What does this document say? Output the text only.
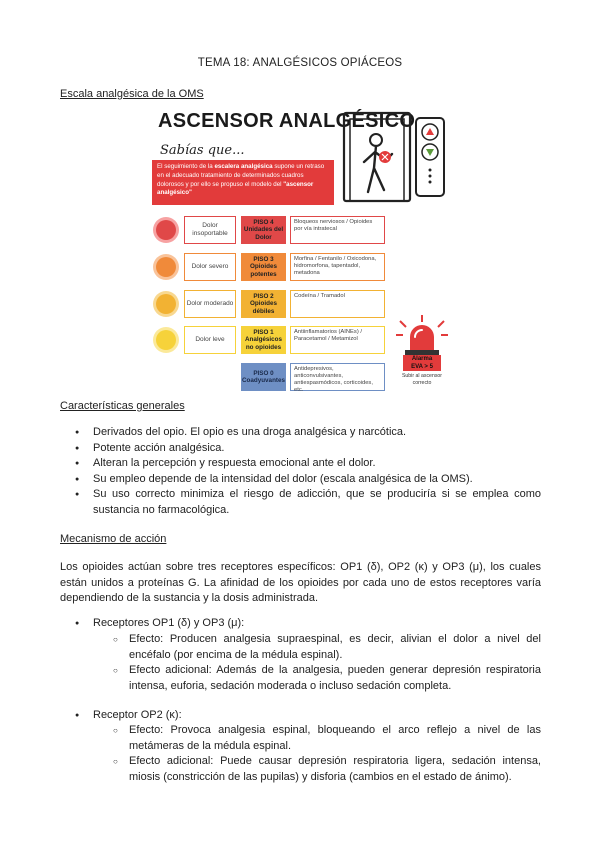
TEMA 18: ANALGÉSICOS OPIÁCEOS
Escala analgésica de la OMS
ASCENSOR ANALGÉSICO
Sabías que...
El seguimiento de la escalera analgésica supone un retraso en el adecuado tratamiento de determinados cuadros dolorosos y por ello se propuso el modelo del "ascensor analgésico"
Dolor insoportable
PISO 4
Unidades del Dolor
Bloqueos nerviosos / Opioides por vía intratecal
Dolor severo
PISO 3
Opioides potentes
Morfina / Fentanilo / Oxicodona, hidromorfona, tapentadol, metadona
Dolor moderado
PISO 2
Opioides débiles
Codeína / Tramadol
Dolor leve
PISO 1
Analgésicos no opioides
Antiinflamatorios (AINEs) / Paracetamol / Metamizol
PISO 0
Coadyuvantes
Antidepresivos, anticonvulsivantes, antiespasmódicos, corticoides, etc.
Alarma
EVA > 5
Subir al ascensor correcto
Características generales
● Derivados del opio. El opio es una droga analgésica y narcótica.
● Potente acción analgésica.
● Alteran la percepción y respuesta emocional ante el dolor.
● Su empleo depende de la intensidad del dolor (escala analgésica de la OMS).
● Su uso correcto minimiza el riesgo de adicción, que se produciría si se emplea como sustancia no farmacológica.
Mecanismo de acción
Los opioides actúan sobre tres receptores específicos: OP1 (δ), OP2 (κ) y OP3 (μ), los cuales están unidos a proteínas G. La afinidad de los opioides por cada uno de estos receptores varía dependiendo de la sustancia y la dosis administrada.
● Receptores OP1 (δ) y OP3 (μ):
○ Efecto: Producen analgesia supraespinal, es decir, alivian el dolor a nivel del encéfalo (por encima de la médula espinal).
○ Efecto adicional: Además de la analgesia, pueden generar depresión respiratoria intensa, euforia, sedación moderada o incluso sedación completa.
● Receptor OP2 (κ):
○ Efecto: Provoca analgesia espinal, bloqueando el arco reflejo a nivel de las metámeras de la médula espinal.
○ Efecto adicional: Puede causar depresión respiratoria ligera, sedación intensa, miosis (constricción de las pupilas) y disforia (cambios en el estado de ánimo).
